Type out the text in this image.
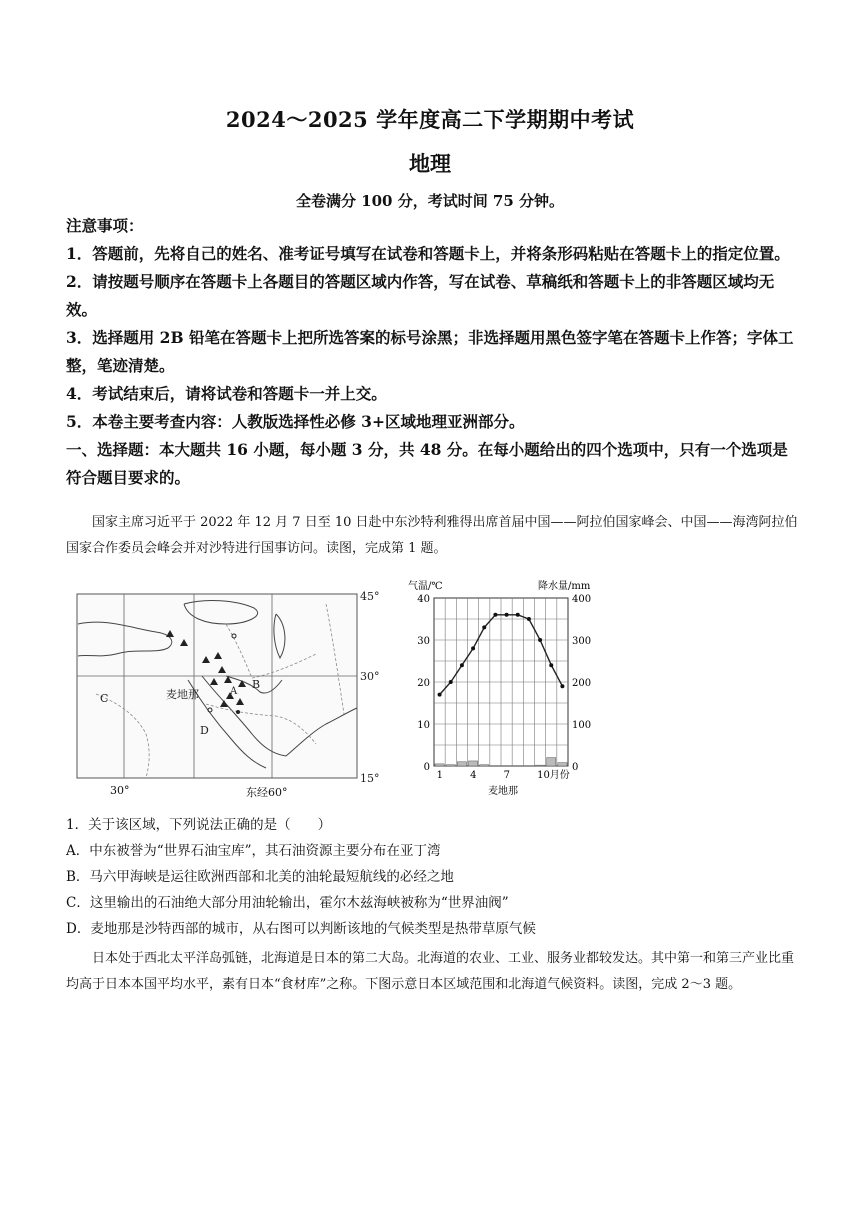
2024～2025 学年度高二下学期期中考试
地理
全卷满分 100 分，考试时间 75 分钟。
注意事项：
1．答题前，先将自己的姓名、准考证号填写在试卷和答题卡上，并将条形码粘贴在答题卡上的指定位置。
2．请按题号顺序在答题卡上各题目的答题区域内作答，写在试卷、草稿纸和答题卡上的非答题区域均无效。
3．选择题用 2B 铅笔在答题卡上把所选答案的标号涂黑；非选择题用黑色签字笔在答题卡上作答；字体工整，笔迹清楚。
4．考试结束后，请将试卷和答题卡一并上交。
5．本卷主要考查内容：人教版选择性必修 3+区域地理亚洲部分。
一、选择题：本大题共 16 小题，每小题 3 分，共 48 分。在每小题给出的四个选项中，只有一个选项是符合题目要求的。
国家主席习近平于 2022 年 12 月 7 日至 10 日赴中东沙特利雅得出席首届中国——阿拉伯国家峰会、中国——海湾阿拉伯国家合作委员会峰会并对沙特进行国事访问。读图，完成第 1 题。
麦地那
C
D
A
B
45°
30°
15°
30°	东经60°
气温/℃	降水量/mm
0
10
20
30
40
0
100
200
300
400
1	4	7	10月份
麦地那
1．关于该区域，下列说法正确的是（　　）
A．中东被誉为“世界石油宝库”，其石油资源主要分布在亚丁湾
B．马六甲海峡是运往欧洲西部和北美的油轮最短航线的必经之地
C．这里输出的石油绝大部分用油轮输出，霍尔木兹海峡被称为“世界油阀”
D．麦地那是沙特西部的城市，从右图可以判断该地的气候类型是热带草原气候
日本处于西北太平洋岛弧链，北海道是日本的第二大岛。北海道的农业、工业、服务业都较发达。其中第一和第三产业比重均高于日本本国平均水平，素有日本“食材库”之称。下图示意日本区域范围和北海道气候资料。读图，完成 2～3 题。
